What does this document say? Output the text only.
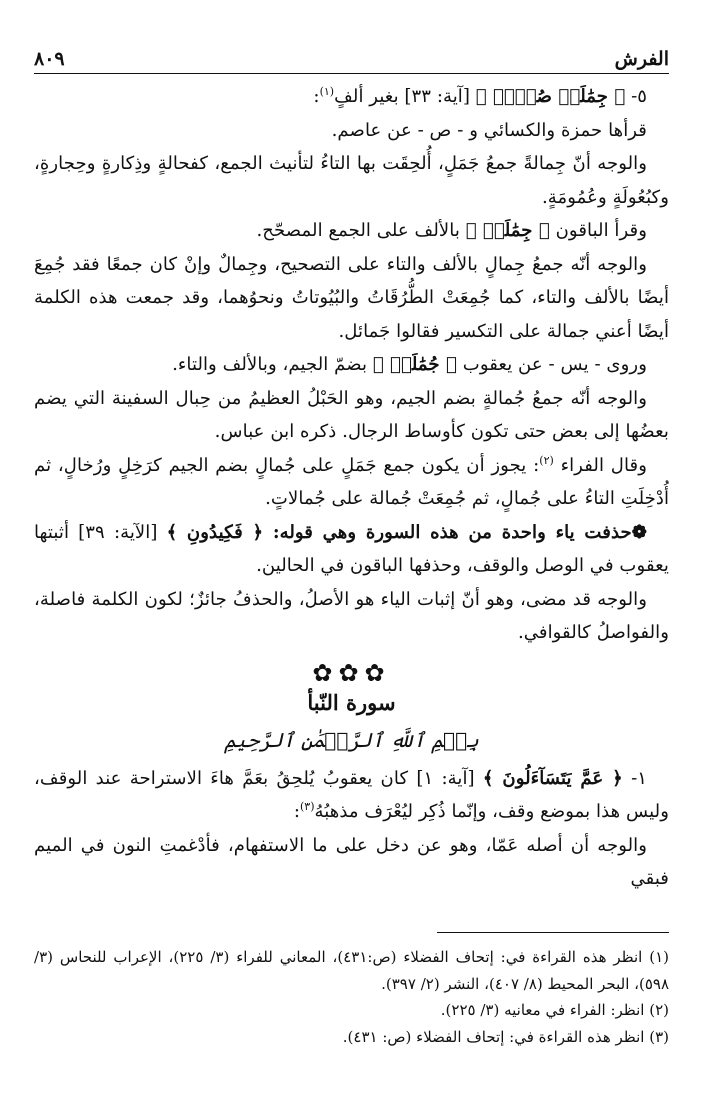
الفرش
٨٠٩

٥- ﴿ جِمَٰلَتٞ صُفۡرٞ ﴾ [آية: ٣٣] بغير ألفٍ$^{(١)}$:

قرأها حمزة والكسائي و - ص - عن عاصم.

والوجه أنّ جِمالةً جمعُ جَمَلٍ، أُلحِقَت بها التاءُ لتأنيث الجمع، كفحالةٍ وذِكارةٍ وحِجارةٍ، وكبُعُولَةٍ وعُمُومَةٍ.

وقرأ الباقون ﴿ جِمَٰلَتٞ ﴾ بالألف على الجمع المصحّح.

والوجه أنّه جمعُ جِمالٍ بالألف والتاء على التصحيح، وجِمالٌ وإنْ كان جمعًا فقد جُمِعَ أيضًا بالألف والتاء، كما جُمِعَتْ الطُّرُقَاتُ والبُيُوتاتُ ونحوُهما، وقد جمعت هذه الكلمة أيضًا أعني جمالة على التكسير فقالوا جَمائل.

وروى - يس - عن يعقوب ﴿ جُمَٰلَتٞ ﴾ بضمّ الجيم، وبالألف والتاء.

والوجه أنّه جمعُ جُمالةٍ بضم الجيم، وهو الحَبْلُ العظيمُ من حِبال السفينة التي يضم بعضُها إلى بعض حتى تكون كأوساط الرجال. ذكره ابن عباس.

وقال الفراء $^{(٢)}$: يجوز أن يكون جمع جَمَلٍ على جُمالٍ بضم الجيم كرَخِلٍ ورُخالٍ، ثم أُدْخِلَتِ التاءُ على جُمالٍ، ثم جُمِعَتْ جُمالة على جُمالاتٍ.

❁حذفت ياء واحدة من هذه السورة وهي قوله: ﴿ فَكِيدُونِ ﴾ [الآية: ٣٩] أثبتها يعقوب في الوصل والوقف، وحذفها الباقون في الحالين.

والوجه قد مضى، وهو أنّ إثبات الياء هو الأصلُ، والحذفُ جائزٌ؛ لكون الكلمة فاصلة، والفواصلُ كالقوافي.

✿✿✿
سورة النّبأ
بِسۡمِ ٱللَّهِ ٱلرَّحۡمَٰنِ ٱلرَّحِيمِ

١- ﴿ عَمَّ يَتَسَآءَلُونَ ﴾ [آية: ١] كان يعقوبُ يُلحِقُ بعَمَّ هاءَ الاستراحة عند الوقف، وليس هذا بموضع وقف، وإنّما ذُكِر ليُعْرَف مذهبُهُ$^{(٣)}$:

والوجه أن أصله عَمّا، وهو عن دخل على ما الاستفهام، فأدْغمتِ النون في الميم فبقي

(١) انظر هذه القراءة في: إتحاف الفضلاء (ص:٤٣١)، المعاني للفراء (٣/ ٢٢٥)، الإعراب للنحاس (٣/ ٥٩٨)، البحر المحيط (٨/ ٤٠٧)، النشر (٢/ ٣٩٧).

(٢) انظر: الفراء في معانيه (٣/ ٢٢٥).

(٣) انظر هذه القراءة في: إتحاف الفضلاء (ص: ٤٣١).
